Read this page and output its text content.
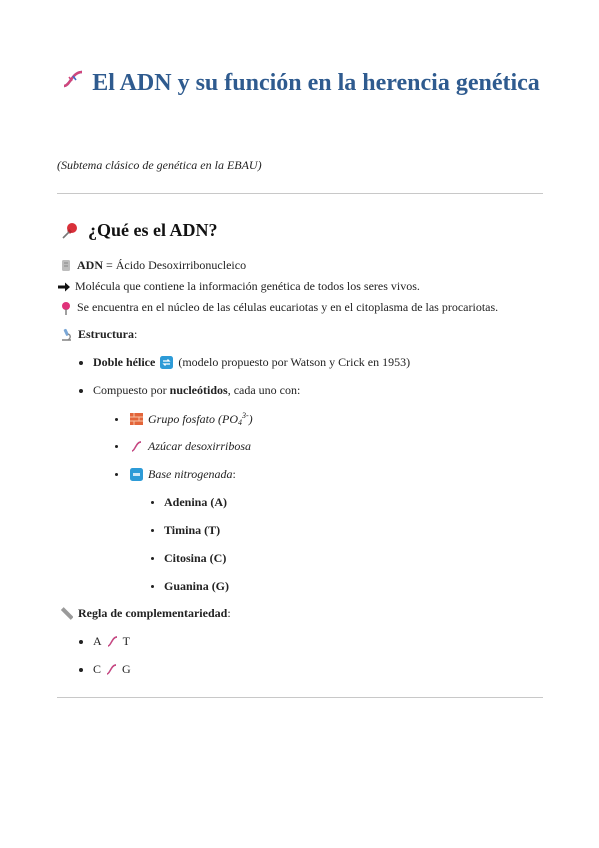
El ADN y su función en la herencia genética

(Subtema clásico de genética en la EBAU)

¿Qué es el ADN?
ADN = Ácido Desoxirribonucleico
Molécula que contiene la información genética de todos los seres vivos.
Se encuentra en el núcleo de las células eucariotas y en el citoplasma de las procariotas.
Estructura:
Doble hélice (modelo propuesto por Watson y Crick en 1953)
Compuesto por nucleótidos , cada uno con:
Grupo fosfato $(PO_4^{3-})$
Azúcar desoxirribosa
Base nitrogenada :
Adenina (A)
Timina (T)
Citosina (C)
Guanina (G)
Regla de complementariedad:
A T
C G
